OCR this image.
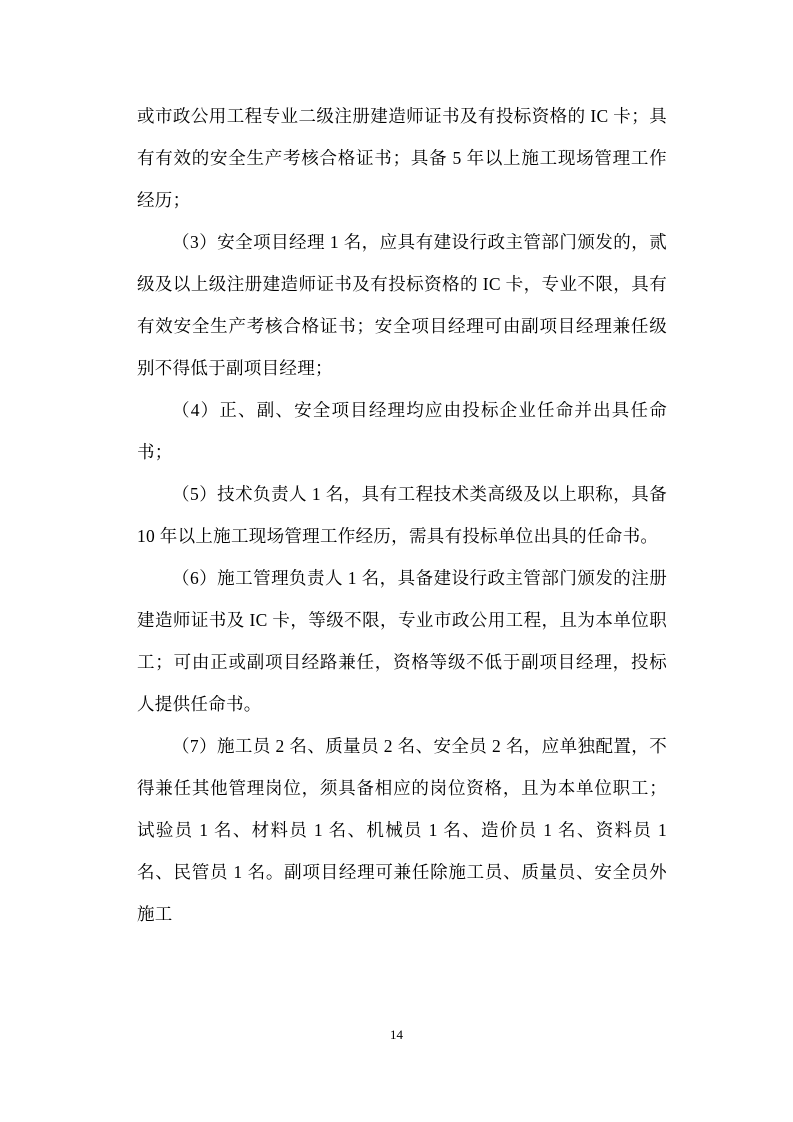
或市政公用工程专业二级注册建造师证书及有投标资格的 IC 卡；具有有效的安全生产考核合格证书；具备 5 年以上施工现场管理工作经历；

（3）安全项目经理 1 名，应具有建设行政主管部门颁发的，贰级及以上级注册建造师证书及有投标资格的 IC 卡，专业不限，具有有效安全生产考核合格证书；安全项目经理可由副项目经理兼任级别不得低于副项目经理；

（4）正、副、安全项目经理均应由投标企业任命并出具任命书；

（5）技术负责人 1 名，具有工程技术类高级及以上职称，具备 10 年以上施工现场管理工作经历，需具有投标单位出具的任命书。

（6）施工管理负责人 1 名，具备建设行政主管部门颁发的注册建造师证书及 IC 卡，等级不限，专业市政公用工程，且为本单位职工；可由正或副项目经路兼任，资格等级不低于副项目经理，投标人提供任命书。

（7）施工员 2 名、质量员 2 名、安全员 2 名，应单独配置，不得兼任其他管理岗位，须具备相应的岗位资格，且为本单位职工；试验员 1 名、材料员 1 名、机械员 1 名、造价员 1 名、资料员 1 名、民管员 1 名。副项目经理可兼任除施工员、质量员、安全员外施工

14
